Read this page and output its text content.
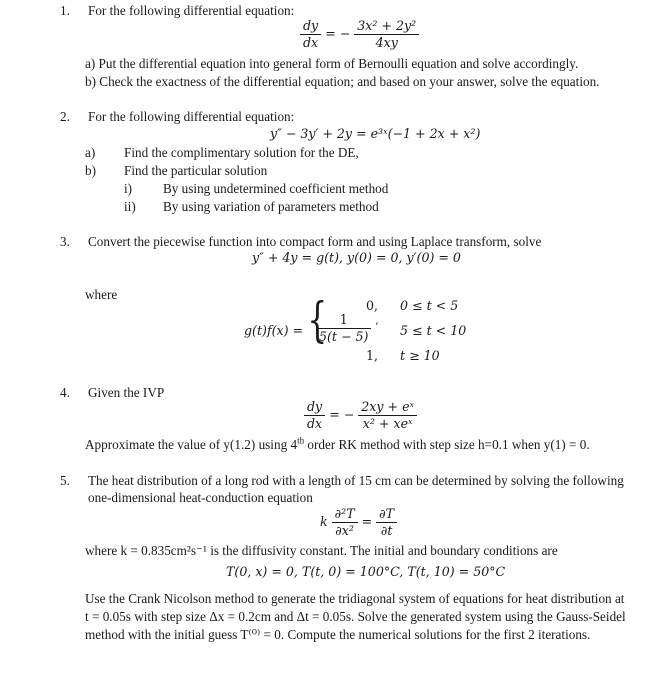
1. For the following differential equation:
$\frac{dy}{dx}$ = − $\frac{\text{3x² + 2y²}}{4xy}$
a) Put the differential equation into general form of Bernoulli equation and solve accordingly.
b) Check the exactness of the differential equation; and based on your answer, solve the equation.
2. For the following differential equation:
y″ − 3y′ + 2y = e³ˣ(−1 + 2x + x²)
a) Find the complimentary solution for the DE,
b) Find the particular solution
i) By using undetermined coefficient method
ii) By using variation of parameters method
3. Convert the piecewise function into compact form and using Laplace transform, solve
y″ + 4y = g(t), y(0) = 0, y′(0) = 0
where
g(t)f(x) = {	0, 0 ≤ t < 5
$\frac{1}{5(t - 5)}$ ′ 5 ≤ t < 10
1, t ≥ 10
4. Given the IVP
$\frac{dy}{dx}$ = − $\frac{\text{2xy + eˣ}}{\text{x² + xeˣ}}$
Approximate the value of y(1.2) using 4th order RK method with step size h=0.1 when y(1) = 0.
5. The heat distribution of a long rod with a length of 15 cm can be determined by solving the following one-dimensional heat-conduction equation
k $\frac{\text{∂²T}}{\text{∂x²}} = \frac{\partial T}{\partial t}$
where k = 0.835cm²s⁻¹ is the diffusivity constant. The initial and boundary conditions are
T(0, x) = 0, T(t, 0) = 100°C, T(t, 10) = 50°C
Use the Crank Nicolson method to generate the tridiagonal system of equations for heat distribution at t = 0.05s with step size Δx = 0.2cm and Δt = 0.05s. Solve the generated system using the Gauss-Seidel method with the initial guess T⁽⁰⁾ = 0. Compute the numerical solutions for the first 2 iterations.
